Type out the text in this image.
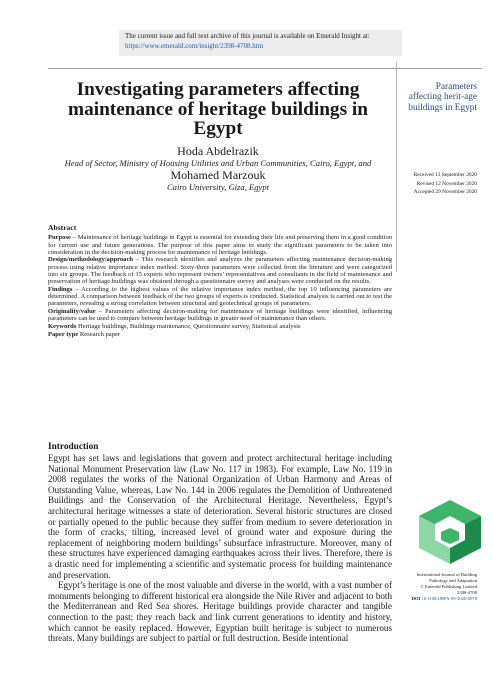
The current issue and full text archive of this journal is available on Emerald Insight at:
https://www.emerald.com/insight/2398-4708.htm

Investigating parameters affecting maintenance of heritage buildings in Egypt
Hoda Abdelrazik
Head of Sector, Ministry of Housing Utilities and Urban Communities, Cairo, Egypt, and
Mohamed Marzouk
Cairo University, Giza, Egypt
Parameters affecting herit-age buildings in Egypt
Received 13 September 2020
Revised 12 November 2020
Accepted 29 November 2020

Abstract

Purpose – Maintenance of heritage buildings in Egypt is essential for extending their life and preserving them in a good condition for current use and future generations. The purpose of this paper aims to study the significant parameters to be taken into consideration in the decision-making process for maintenance of heritage buildings.

Design/methodology/approach – This research identifies and analyzes the parameters affecting maintenance decision-making process using relative importance index method. Sixty-three parameters were collected from the literature and were categorized into six groups. The feedback of 15 experts who represent owners’ representatives and consultants in the field of maintenance and preservation of heritage buildings was obtained through a questionnaire survey and analyses were conducted on the results.

Findings – According to the highest values of the relative importance index method, the top 10 influencing parameters are determined. A comparison between feedback of the two groups of experts is conducted. Statistical analysis is carried out to test the parameters, revealing a strong correlation between structural and geotechnical groups of parameters.

Originality/value – Parameters affecting decision-making for maintenance of heritage buildings were identified, influencing parameters can be used to compare between heritage buildings in greater need of maintenance than others.

Keywords Heritage buildings, Buildings maintenance, Questionnaire survey, Statistical analysis

Paper type Research paper

Introduction

Egypt has set laws and legislations that govern and protect architectural heritage including National Monument Preservation law (Law No. 117 in 1983). For example, Law No. 119 in 2008 regulates the works of the National Organization of Urban Harmony and Areas of Outstanding Value, whereas, Law No. 144 in 2006 regulates the Demolition of Unthreatened Buildings and the Conservation of the Architectural Heritage. Nevertheless, Egypt’s architectural heritage witnesses a state of deterioration. Several historic structures are closed or partially opened to the public because they suffer from medium to severe deterioration in the form of cracks, tilting, increased level of ground water and exposure during the replacement of neighboring modern buildings’ subsurface infrastructure. Moreover, many of these structures have experienced damaging earthquakes across their lives. Therefore, there is a drastic need for implementing a scientific and systematic process for building maintenance and preservation.

Egypt’s heritage is one of the most valuable and diverse in the world, with a vast number of monuments belonging to different historical era alongside the Nile River and adjacent to both the Mediterranean and Red Sea shores. Heritage buildings provide character and tangible connection to the past; they reach back and link current generations to identity and history, which cannot be easily replaced. However, Egyptian built heritage is subject to numerous threats. Many buildings are subject to partial or full destruction. Beside intentional

International Journal of Building Pathology and Adaptation
© Emerald Publishing Limited
2398-4708
DOI 10.1108/IJBPA-09-2020-0078
